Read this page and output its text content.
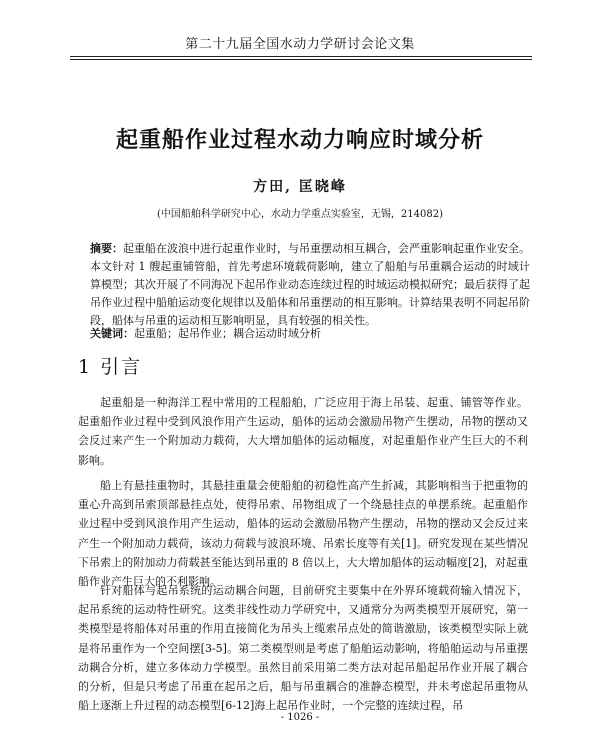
第二十九届全国水动力学研讨会论文集
起重船作业过程水动力响应时域分析
方田, 匡晓峰
(中国船舶科学研究中心，水动力学重点实验室，无锡，214082)
摘要：起重船在波浪中进行起重作业时，与吊重摆动相互耦合，会严重影响起重作业安全。本文针对 1 艘起重铺管船，首先考虑环境载荷影响，建立了船舶与吊重耦合运动的时域计算模型；其次开展了不同海况下起吊作业动态连续过程的时域运动模拟研究；最后获得了起吊作业过程中船舶运动变化规律以及船体和吊重摆动的相互影响。计算结果表明不同起吊阶段，船体与吊重的运动相互影响明显，具有较强的相关性。
关键词：起重船；起吊作业；耦合运动时域分析
1 引言

起重船是一种海洋工程中常用的工程船舶，广泛应用于海上吊装、起重、铺管等作业。起重船作业过程中受到风浪作用产生运动，船体的运动会激励吊物产生摆动，吊物的摆动又会反过来产生一个附加动力载荷，大大增加船体的运动幅度，对起重船作业产生巨大的不利影响。

船上有悬挂重物时，其悬挂重量会使船舶的初稳性高产生折减，其影响相当于把重物的重心升高到吊索顶部悬挂点处，使得吊索、吊物组成了一个绕悬挂点的单摆系统。起重船作业过程中受到风浪作用产生运动，船体的运动会激励吊物产生摆动，吊物的摆动又会反过来产生一个附加动力载荷，该动力荷载与波浪环境、吊索长度等有关[1]。研究发现在某些情况下吊索上的附加动力荷载甚至能达到吊重的 8 倍以上，大大增加船体的运动幅度[2]，对起重船作业产生巨大的不利影响。

针对船体与起吊系统的运动耦合问题，目前研究主要集中在外界环境载荷输入情况下，起吊系统的运动特性研究。这类非线性动力学研究中，又通常分为两类模型开展研究，第一类模型是将船体对吊重的作用直接简化为吊头上缆索吊点处的简谐激励，该类模型实际上就是将吊重作为一个空间摆[3-5]。第二类模型则是考虑了船舶运动影响，将船舶运动与吊重摆动耦合分析，建立多体动力学模型。虽然目前采用第二类方法对起吊船起吊作业开展了耦合的分析，但是只考虑了吊重在起吊之后，船与吊重耦合的准静态模型，并未考虑起吊重物从船上逐渐上升过程的动态模型[6-12]海上起吊作业时，一个完整的连续过程，吊

- 1026 -
